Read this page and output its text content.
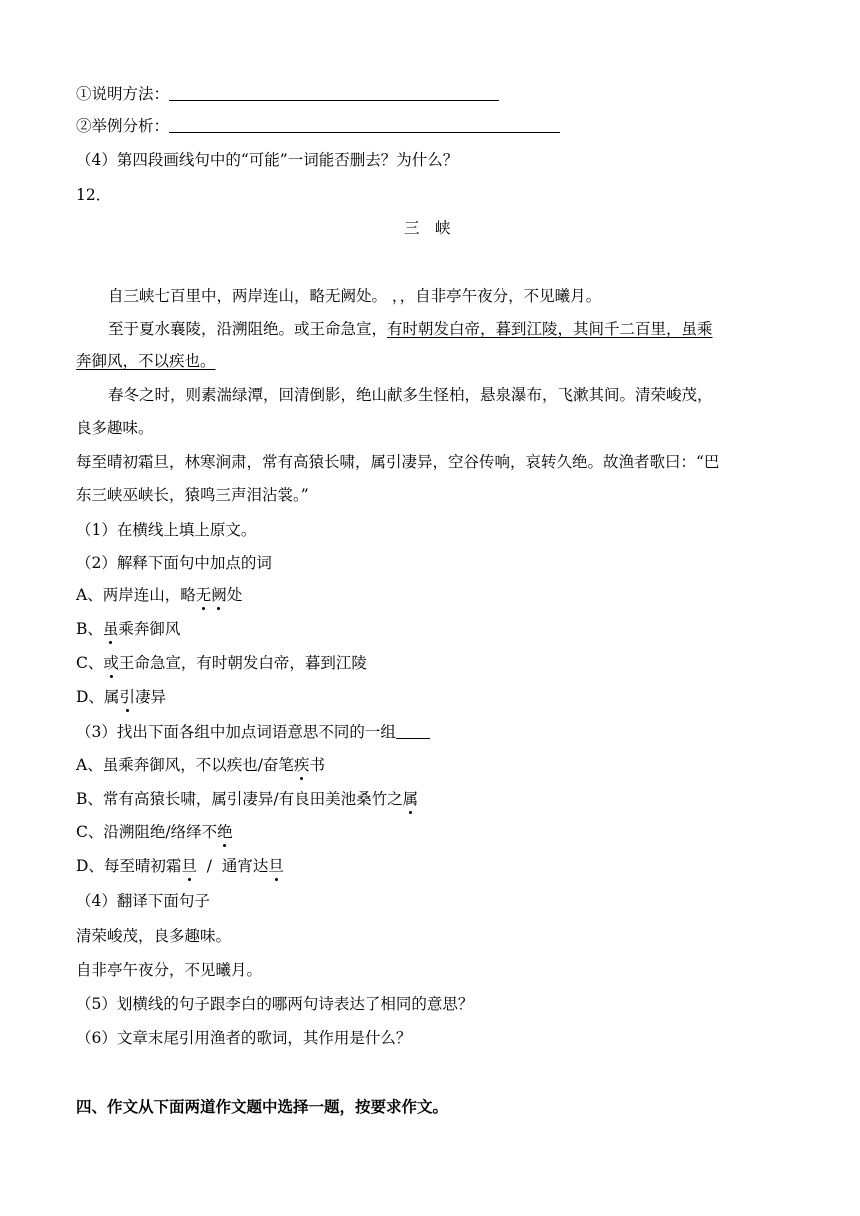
①说明方法：
②举例分析：
（4）第四段画线句中的“可能”一词能否删去？为什么？
12．
三　峡
自三峡七百里中，两岸连山，略无阙处。 ，，自非亭午夜分，不见曦月。
至于夏水襄陵，沿溯阻绝。或王命急宣，有时朝发白帝，暮到江陵，其间千二百里，虽乘
奔御风，不以疾也。
春冬之时，则素湍绿潭，回清倒影，绝山献多生怪柏，悬泉瀑布，飞漱其间。清荣峻茂，
良多趣味。
每至晴初霜旦，林寒涧肃，常有高猿长啸，属引凄异，空谷传响，哀转久绝。故渔者歌曰：“巴
东三峡巫峡长，猿鸣三声泪沾裳。”
（1）在横线上填上原文。
（2）解释下面句中加点的词
A、两岸连山，略无阙处
B、虽乘奔御风
C、或王命急宣，有时朝发白帝，暮到江陵
D、属引凄异
（3）找出下面各组中加点词语意思不同的一组
A、虽乘奔御风，不以疾也/奋笔疾书
B、常有高猿长啸，属引凄异/有良田美池桑竹之属
C、沿溯阻绝/络绎不绝
D、每至晴初霜旦  /  通宵达旦
（4）翻译下面句子
清荣峻茂，良多趣味。
自非亭午夜分，不见曦月。
（5）划横线的句子跟李白的哪两句诗表达了相同的意思？
（6）文章末尾引用渔者的歌词，其作用是什么？
四、作文从下面两道作文题中选择一题，按要求作文。
